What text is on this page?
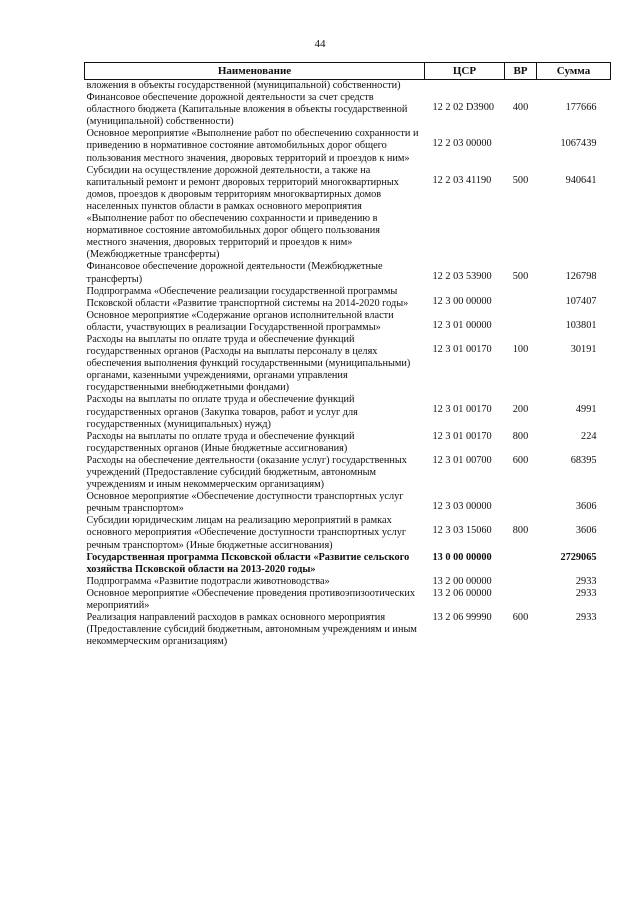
44
Наименование	ЦСР	ВР	Сумма
вложения в объекты государственной (муниципальной) собственности)			
Финансовое обеспечение дорожной деятельности за счет средств областного бюджета (Капитальные вложения в объекты государственной (муниципальной) собственности)	12 2 02 D3900	400	177666
Основное мероприятие «Выполнение работ по обеспечению сохранности и приведению в нормативное состояние автомобильных дорог общего пользования местного значения, дворовых территорий и проездов к ним»	12 2 03 00000		1067439
Субсидии на осуществление дорожной деятельности, а также на капитальный ремонт и ремонт дворовых территорий многоквартирных домов, проездов к дворовым территориям многоквартирных домов населенных пунктов области в рамках основного мероприятия «Выполнение работ по обеспечению сохранности и приведению в нормативное состояние автомобильных дорог общего пользования местного значения, дворовых территорий и проездов к ним» (Межбюджетные трансферты)	12 2 03 41190	500	940641
Финансовое обеспечение дорожной деятельности (Межбюджетные трансферты)	12 2 03 53900	500	126798
Подпрограмма «Обеспечение реализации государственной программы Псковской области «Развитие транспортной системы на 2014-2020 годы»	12 3 00 00000		107407
Основное мероприятие «Содержание органов исполнительной власти области, участвующих в реализации Государственной программы»	12 3 01 00000		103801
Расходы на выплаты по оплате труда и обеспечение функций государственных органов (Расходы на выплаты персоналу в целях обеспечения выполнения функций государственными (муниципальными) органами, казенными учреждениями, органами управления государственными внебюджетными фондами)	12 3 01 00170	100	30191
Расходы на выплаты по оплате труда и обеспечение функций государственных органов (Закупка товаров, работ и услуг для государственных (муниципальных) нужд)	12 3 01 00170	200	4991
Расходы на выплаты по оплате труда и обеспечение функций государственных органов (Иные бюджетные ассигнования)	12 3 01 00170	800	224
Расходы на обеспечение деятельности (оказание услуг) государственных учреждений (Предоставление субсидий бюджетным, автономным учреждениям и иным некоммерческим организациям)	12 3 01 00700	600	68395
Основное мероприятие «Обеспечение доступности транспортных услуг речным транспортом»	12 3 03 00000		3606
Субсидии юридическим лицам на реализацию мероприятий в рамках основного мероприятия «Обеспечение доступности транспортных услуг речным транспортом» (Иные бюджетные ассигнования)	12 3 03 15060	800	3606
Государственная программа Псковской области «Развитие сельского хозяйства Псковской области на 2013-2020 годы»	13 0 00 00000		2729065
Подпрограмма «Развитие подотрасли животноводства»	13 2 00 00000		2933
Основное мероприятие «Обеспечение проведения противоэпизоотических мероприятий»	13 2 06 00000		2933
Реализация направлений расходов в рамках основного мероприятия (Предоставление субсидий бюджетным, автономным учреждениям и иным некоммерческим организациям)	13 2 06 99990	600	2933
